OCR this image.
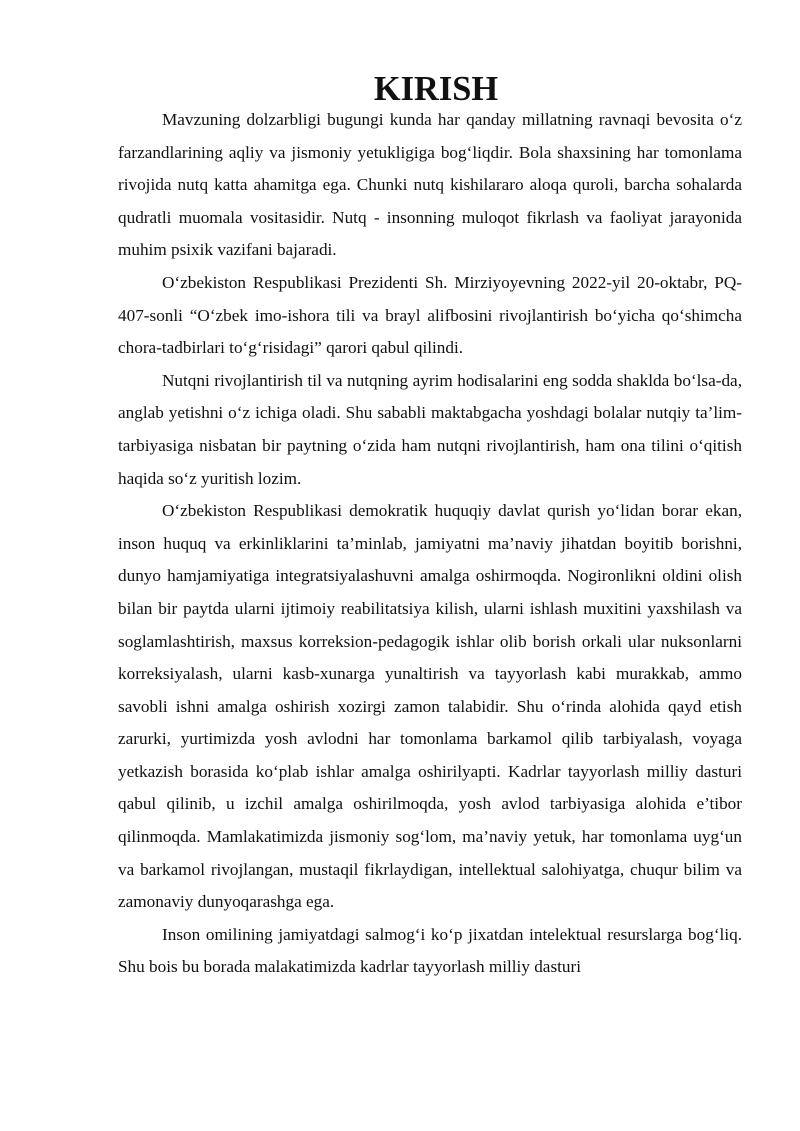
KIRISH

Mavzuning dolzarbligi bugungi kunda har qanday millatning ravnaqi bevosita o‘z farzandlarining aqliy va jismoniy yetukligiga bog‘liqdir. Bola shaxsining har tomonlama rivojida nutq katta ahamitga ega. Chunki nutq kishilararo aloqa quroli, barcha sohalarda qudratli muomala vositasidir. Nutq - insonning muloqot fikrlash va faoliyat jarayonida muhim psixik vazifani bajaradi.

O‘zbekiston Respublikasi Prezidenti Sh. Mirziyoyevning 2022-yil 20-oktabr, PQ-407-sonli “O‘zbek imo-ishora tili va brayl alifbosini rivojlantirish bo‘yicha qo‘shimcha chora-tadbirlari to‘g‘risidagi” qarori qabul qilindi.

Nutqni rivojlantirish til va nutqning ayrim hodisalarini eng sodda shaklda bo‘lsa-da, anglab yetishni o‘z ichiga oladi. Shu sababli maktabgacha yoshdagi bolalar nutqiy ta’lim-tarbiyasiga nisbatan bir paytning o‘zida ham nutqni rivojlantirish, ham ona tilini o‘qitish haqida so‘z yuritish lozim.

O‘zbekiston Respublikasi demokratik huquqiy davlat qurish yo‘lidan borar ekan, inson huquq va erkinliklarini ta’minlab, jamiyatni ma’naviy jihatdan boyitib borishni, dunyo hamjamiyatiga integratsiyalashuvni amalga oshirmoqda. Nogironlikni oldini olish bilan bir paytda ularni ijtimoiy reabilitatsiya kilish, ularni ishlash muxitini yaxshilash va soglamlashtirish, maxsus korreksion-pedagogik ishlar olib borish orkali ular nuksonlarni korreksiyalash, ularni kasb-xunarga yunaltirish va tayyorlash kabi murakkab, ammo savobli ishni amalga oshirish xozirgi zamon talabidir. Shu o‘rinda alohida qayd etish zarurki, yurtimizda yosh avlodni har tomonlama barkamol qilib tarbiyalash, voyaga yetkazish borasida ko‘plab ishlar amalga oshirilyapti. Kadrlar tayyorlash milliy dasturi qabul qilinib, u izchil amalga oshirilmoqda, yosh avlod tarbiyasiga alohida e’tibor qilinmoqda. Mamlakatimizda jismoniy sog‘lom, ma’naviy yetuk, har tomonlama uyg‘un va barkamol rivojlangan, mustaqil fikrlaydigan, intellektual salohiyatga, chuqur bilim va zamonaviy dunyoqarashga ega.

Inson omilining jamiyatdagi salmog‘i ko‘p jixatdan intelektual resurslarga bog‘liq. Shu bois bu borada malakatimizda kadrlar tayyorlash milliy dasturi
